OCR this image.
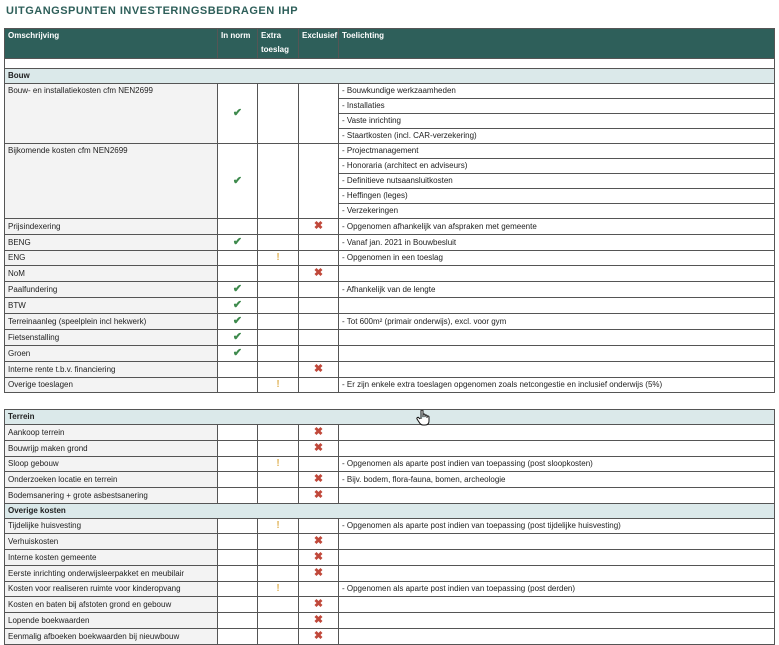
UITGANGSPUNTEN INVESTERINGSBEDRAGEN IHP
Omschrijving	In norm	Extra toeslag	Exclusief	Toelichting

Bouw				
Bouw- en installatiekosten cfm NEN2699	✔			- Bouwkundige werkzaamheden
				- Installaties
				- Vaste inrichting
				- Staartkosten (incl. CAR-verzekering)
Bijkomende kosten cfm NEN2699	✔			- Projectmanagement
				- Honoraria (architect en adviseurs)
				- Definitieve nutsaansluitkosten
				- Heffingen (leges)
				- Verzekeringen
Prijsindexering			✖	- Opgenomen afhankelijk van afspraken met gemeente
BENG	✔			- Vanaf jan. 2021 in Bouwbesluit
ENG		!		- Opgenomen in een toeslag
NoM			✖	
Paalfundering	✔			- Afhankelijk van de lengte
BTW	✔			
Terreinaanleg (speelplein incl hekwerk)	✔			- Tot 600m² (primair onderwijs), excl. voor gym
Fietsenstalling	✔			
Groen	✔			
Interne rente t.b.v. financiering			✖	
Overige toeslagen		!		- Er zijn enkele extra toeslagen opgenomen zoals netcongestie en inclusief onderwijs (5%)
Terrein				
Aankoop terrein			✖	
Bouwrijp maken grond			✖	
Sloop gebouw		!		- Opgenomen als aparte post indien van toepassing (post sloopkosten)
Onderzoeken locatie en terrein			✖	- Bijv. bodem, flora-fauna, bomen, archeologie
Bodemsanering + grote asbestsanering			✖	
Overige kosten				
Tijdelijke huisvesting		!		- Opgenomen als aparte post indien van toepassing (post tijdelijke huisvesting)
Verhuiskosten			✖	
Interne kosten gemeente			✖	
Eerste inrichting onderwijsleerpakket en meubilair			✖	
Kosten voor realiseren ruimte voor kinderopvang		!		- Opgenomen als aparte post indien van toepassing (post derden)
Kosten en baten bij afstoten grond en gebouw			✖	
Lopende boekwaarden			✖	
Eenmalig afboeken boekwaarden bij nieuwbouw			✖	
